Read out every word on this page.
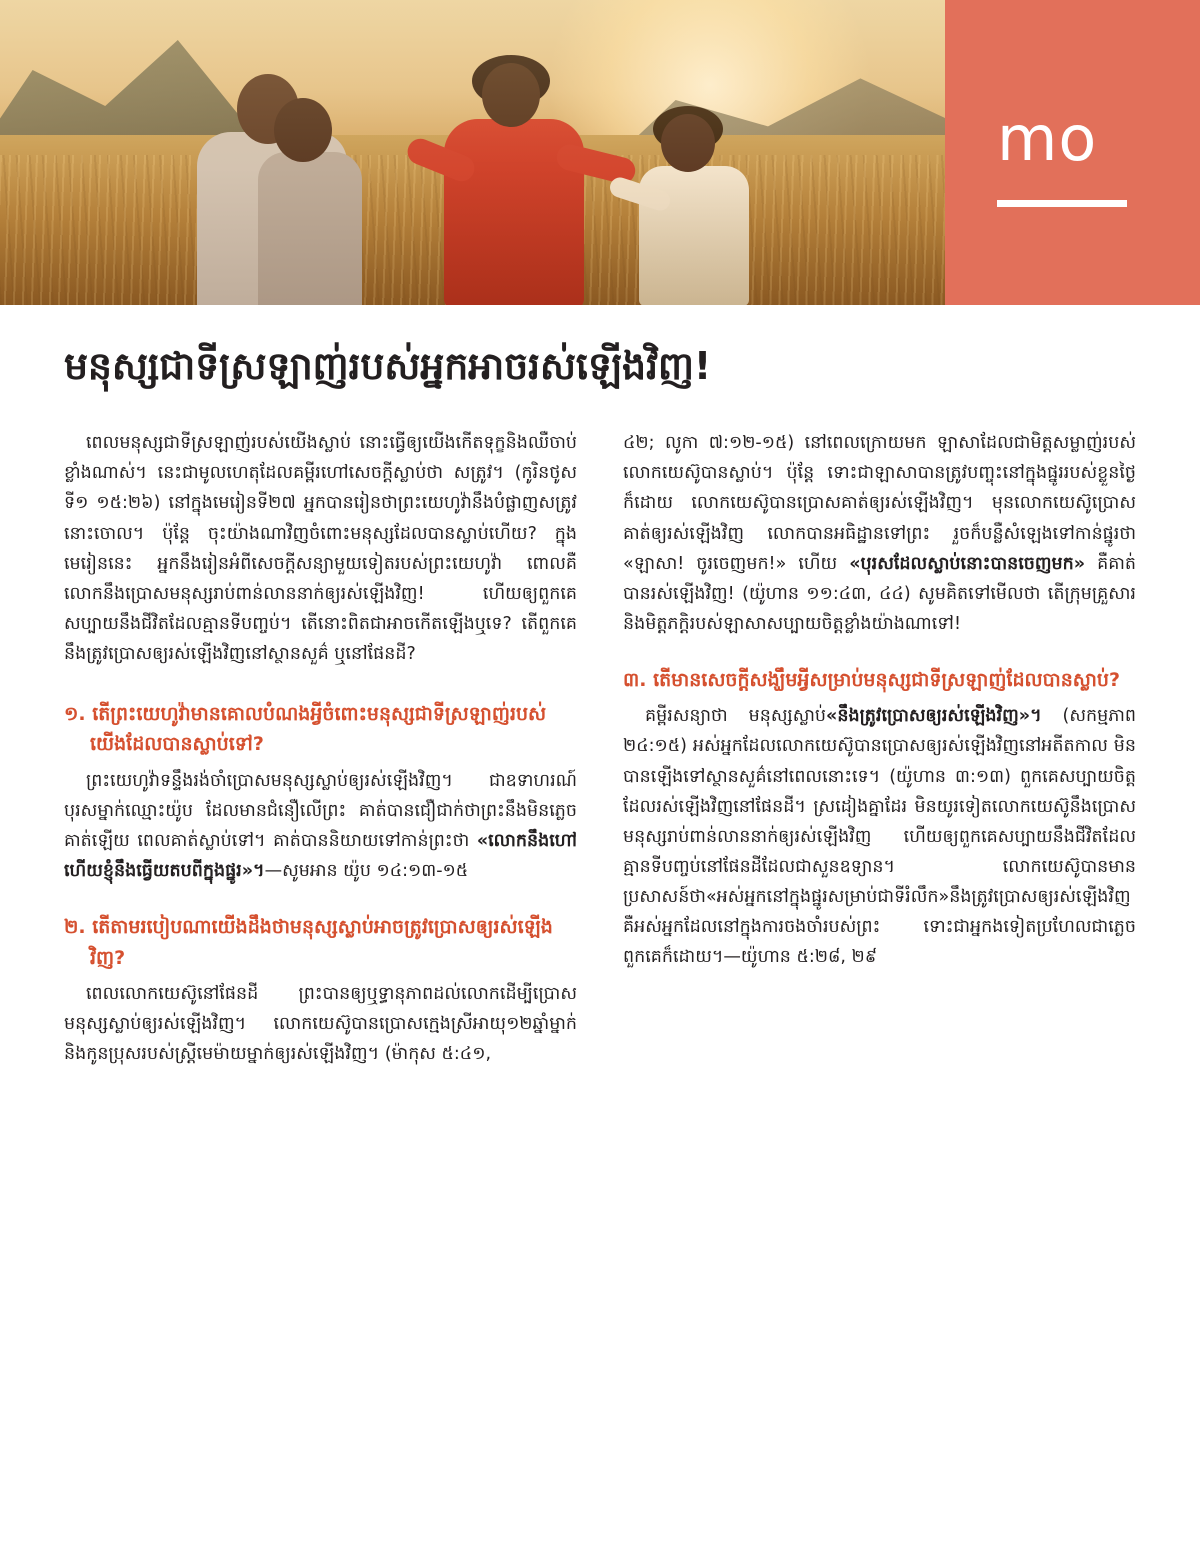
mo
មនុស្សជាទីស្រឡាញ់របស់អ្នកអាចរស់ឡើងវិញ!

ពេលមនុស្សជាទីស្រឡាញ់របស់យើងស្លាប់ នោះធ្វើឲ្យយើងកើតទុក្ខនិងឈឺចាប់ខ្លាំងណាស់។ នេះជាមូលហេតុដែលគម្ពីរហៅសេចក្ដីស្លាប់ថា សត្រូវ។ (កូរិនថូស​ទី១ ១៥:២៦) នៅក្នុងមេរៀនទី២៧ អ្នកបានរៀនថាព្រះយេហូវ៉ានឹងបំផ្លាញសត្រូវនោះចោល។ ប៉ុន្តែ ចុះយ៉ាងណាវិញចំពោះមនុស្សដែលបានស្លាប់ហើយ? ក្នុងមេរៀននេះ អ្នកនឹងរៀនអំពីសេចក្ដីសន្យាមួយទៀតរបស់ព្រះយេហូវ៉ា ពោលគឺលោកនឹងប្រោសមនុស្សរាប់ពាន់លាននាក់ឲ្យរស់ឡើងវិញ! ហើយឲ្យពួកគេសប្បាយនឹងជីវិតដែលគ្មានទីបញ្ចប់។ តើនោះពិតជាអាចកើតឡើងឬទេ? តើពួកគេនឹងត្រូវប្រោសឲ្យរស់ឡើងវិញនៅស្ថានសួគ៌ ឬនៅផែនដី?

១. តើព្រះយេហូវ៉ាមានគោលបំណងអ្វីចំពោះមនុស្សជាទីស្រឡាញ់របស់យើងដែលបានស្លាប់ទៅ?

ព្រះយេហូវ៉ាទន្ទឹងរង់ចាំប្រោសមនុស្សស្លាប់ឲ្យរស់ឡើងវិញ។ ជាឧទាហរណ៍ បុរសម្នាក់ឈ្មោះយ៉ូប ដែលមានជំនឿលើព្រះ គាត់បានជឿជាក់ថាព្រះនឹងមិនភ្លេចគាត់ឡើយ ពេលគាត់ស្លាប់ទៅ។ គាត់បាននិយាយទៅកាន់ព្រះថា «លោកនឹងហៅ ហើយខ្ញុំនឹងធ្វើយតបពីក្នុងផ្នូរ»។—សូមអាន យ៉ូប ១៤:១៣-១៥

២. តើតាមរបៀបណាយើងដឹងថាមនុស្សស្លាប់អាចត្រូវប្រោសឲ្យរស់ឡើងវិញ?

ពេលលោកយេស៊ូនៅផែនដី ព្រះបានឲ្យឬទ្ធានុភាពដល់លោកដើម្បីប្រោសមនុស្សស្លាប់ឲ្យរស់ឡើងវិញ។ លោកយេស៊ូបានប្រោសក្មេងស្រីអាយុ១២ឆ្នាំម្នាក់ និងកូនប្រុសរបស់ស្ត្រីមេម៉ាយម្នាក់ឲ្យរស់ឡើងវិញ។ (ម៉ាកុស ៥:៤១,

៤២; លូកា ៧:១២-១៥) នៅពេលក្រោយមក ឡាសាដែលជាមិត្តសម្លាញ់របស់លោកយេស៊ូបានស្លាប់។ ប៉ុន្តែ ទោះជាឡាសាបានត្រូវបញ្ចុះនៅក្នុងផ្នូររបស់ខ្លួនថ្ងៃក៏ដោយ លោកយេស៊ូបានប្រោសគាត់ឲ្យរស់ឡើងវិញ។ មុនលោកយេស៊ូប្រោសគាត់ឲ្យរស់ឡើងវិញ លោកបានអធិដ្ឋានទៅព្រះ រួចក៏បន្លឺសំឡេងទៅកាន់ផ្នូរថា «ឡាសា! ចូរចេញមក!» ហើយ «បុរសដែលស្លាប់នោះបានចេញមក» គឺគាត់បានរស់ឡើងវិញ! (យ៉ូហាន ១១:៤៣, ៤៤) សូមគិតទៅមើលថា តើក្រុមគ្រួសារនិងមិត្តភក្ដិរបស់ឡាសាសប្បាយចិត្តខ្លាំងយ៉ាងណាទៅ!

៣. តើមានសេចក្ដីសង្ឃឹមអ្វីសម្រាប់មនុស្សជាទីស្រឡាញ់ដែលបានស្លាប់?

គម្ពីរសន្យាថា មនុស្សស្លាប់«នឹងត្រូវប្រោសឲ្យរស់ឡើងវិញ»។ (សកម្មភាព ២៤:១៥) អស់អ្នកដែលលោកយេស៊ូបានប្រោសឲ្យរស់ឡើងវិញនៅអតីតកាល មិនបានឡើងទៅស្ថានសួគ៌នៅពេលនោះទេ។ (យ៉ូហាន ៣:១៣) ពួកគេសប្បាយចិត្តដែលរស់ឡើងវិញនៅផែនដី។ ស្រដៀងគ្នាដែរ មិនយូរទៀតលោកយេស៊ូនឹងប្រោសមនុស្សរាប់ពាន់លាននាក់ឲ្យរស់ឡើងវិញ ហើយឲ្យពួកគេសប្បាយនឹងជីវិតដែលគ្មានទីបញ្ចប់នៅផែនដីដែលជាសួនឧទ្យាន។ លោកយេស៊ូបានមានប្រសាសន៍ថា«អស់អ្នកនៅក្នុងផ្នូរសម្រាប់ជាទីរំលឹក»នឹងត្រូវប្រោសឲ្យរស់ឡើងវិញ គឺអស់អ្នកដែលនៅក្នុងការចងចាំរបស់ព្រះ ទោះជាអ្នកងទៀតប្រហែលជាភ្លេចពួកគេក៏ដោយ។—យ៉ូហាន ៥:២៨, ២៩
